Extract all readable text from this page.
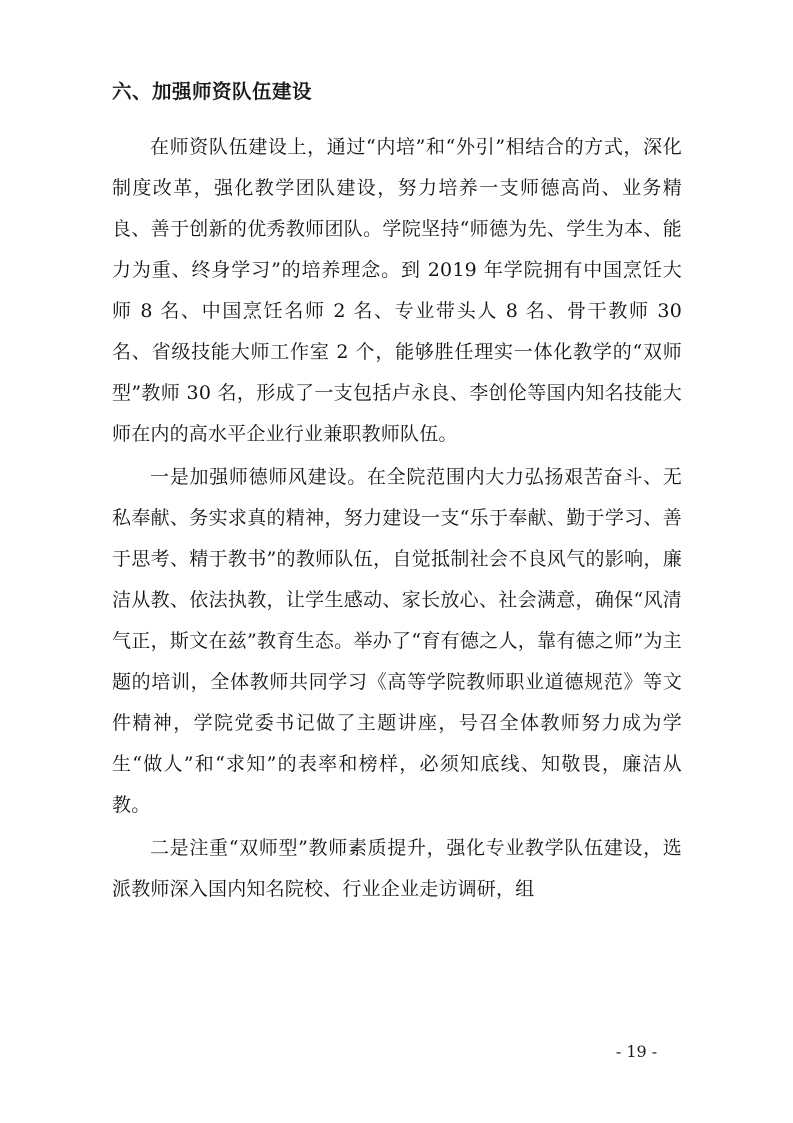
六、加强师资队伍建设

在师资队伍建设上，通过“内培”和“外引”相结合的方式，深化制度改革，强化教学团队建设，努力培养一支师德高尚、业务精良、善于创新的优秀教师团队。学院坚持“师德为先、学生为本、能力为重、终身学习”的培养理念。到 2019 年学院拥有中国烹饪大师 8 名、中国烹饪名师 2 名、专业带头人 8 名、骨干教师 30 名、省级技能大师工作室 2 个，能够胜任理实一体化教学的“双师型”教师 30 名，形成了一支包括卢永良、李创伦等国内知名技能大师在内的高水平企业行业兼职教师队伍。

一是加强师德师风建设。在全院范围内大力弘扬艰苦奋斗、无私奉献、务实求真的精神，努力建设一支“乐于奉献、勤于学习、善于思考、精于教书”的教师队伍，自觉抵制社会不良风气的影响，廉洁从教、依法执教，让学生感动、家长放心、社会满意，确保“风清气正，斯文在兹”教育生态。举办了“育有德之人，靠有德之师”为主题的培训，全体教师共同学习《高等学院教师职业道德规范》等文件精神，学院党委书记做了主题讲座，号召全体教师努力成为学生“做人”和“求知”的表率和榜样，必须知底线、知敬畏，廉洁从教。

二是注重“双师型”教师素质提升，强化专业教学队伍建设，选派教师深入国内知名院校、行业企业走访调研，组

- 19 -
